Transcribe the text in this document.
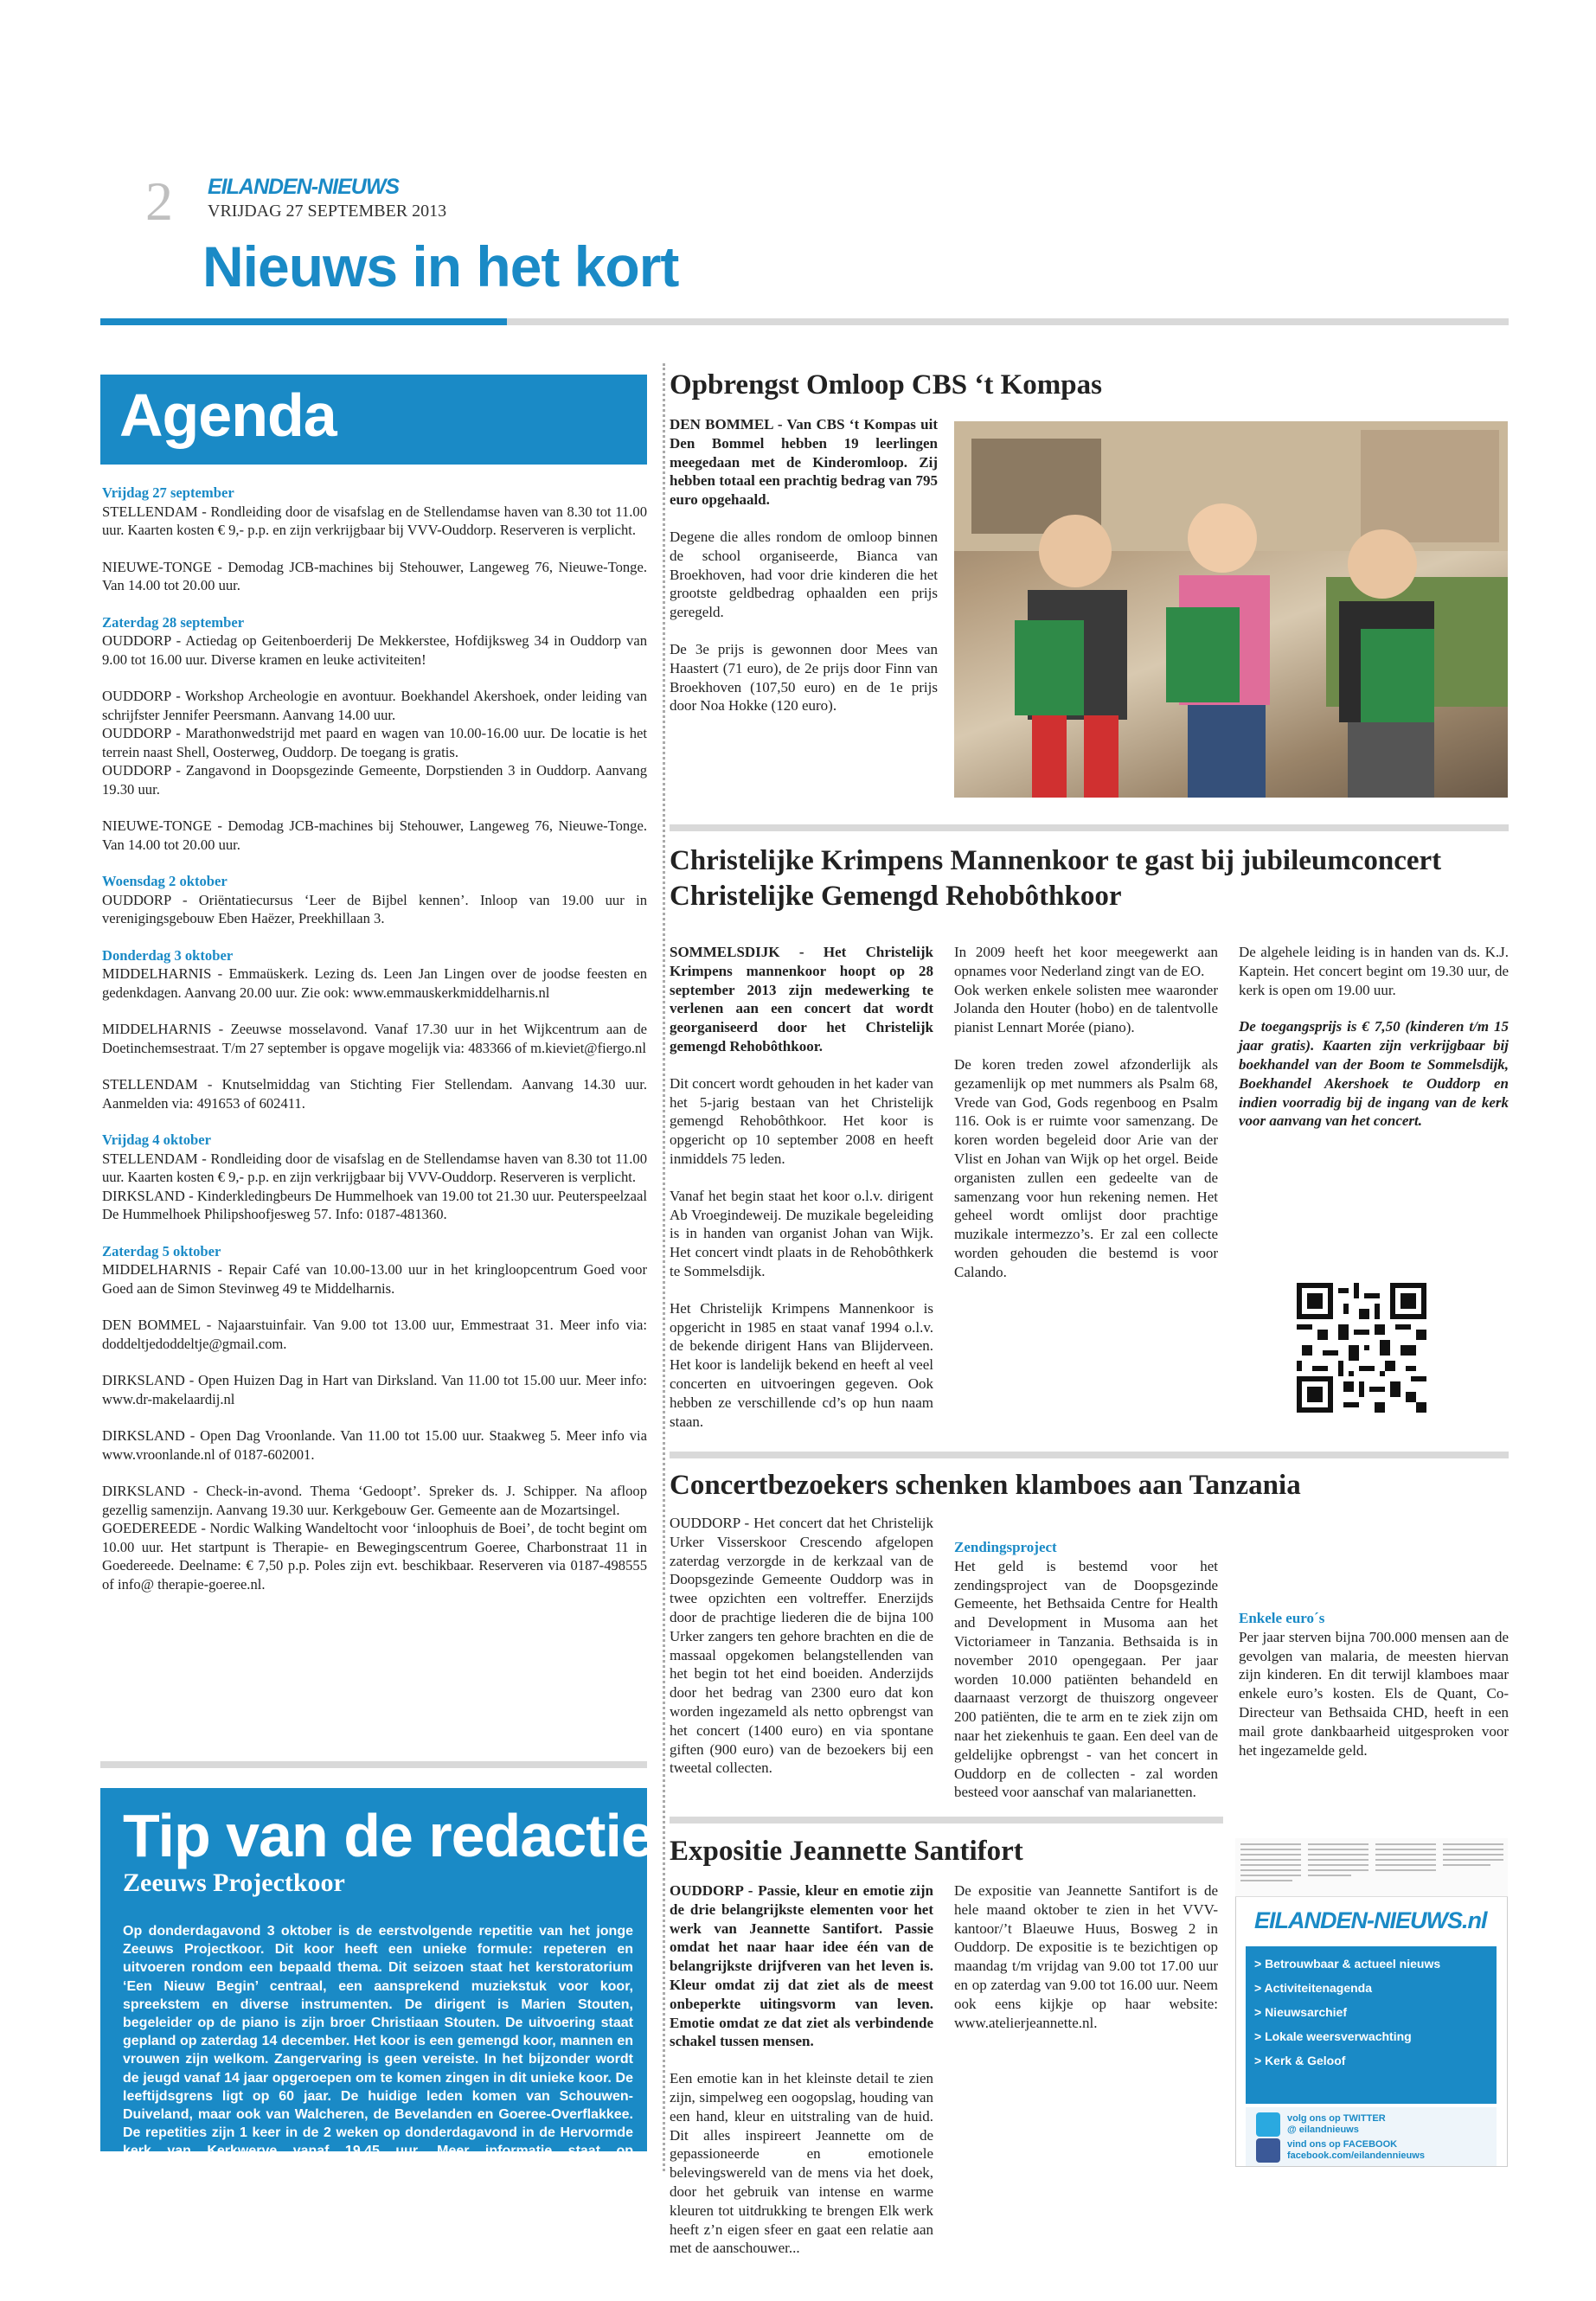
2 EILANDEN-NIEUWS
VRIJDAG 27 SEPTEMBER 2013
Nieuws in het kort
Agenda
Vrijdag 27 september
STELLENDAM - Rondleiding door de visafslag en de Stellendamse haven van 8.30 tot 11.00 uur. Kaarten kosten € 9,- p.p. en zijn verkrijgbaar bij VVV-Ouddorp. Reserveren is verplicht.
NIEUWE-TONGE - Demodag JCB-machines bij Stehouwer, Langeweg 76, Nieuwe-Tonge. Van 14.00 tot 20.00 uur.
Zaterdag 28 september
OUDDORP - Actiedag op Geitenboerderij De Mekkerstee, Hofdijksweg 34 in Ouddorp van 9.00 tot 16.00 uur. Diverse kramen en leuke activiteiten!
OUDDORP - Workshop Archeologie en avontuur. Boekhandel Akershoek, onder leiding van schrijfster Jennifer Peersmann. Aanvang 14.00 uur.
OUDDORP - Marathonwedstrijd met paard en wagen van 10.00-16.00 uur. De locatie is het terrein naast Shell, Oosterweg, Ouddorp. De toegang is gratis.
OUDDORP - Zangavond in Doopsgezinde Gemeente, Dorpstienden 3 in Ouddorp. Aanvang 19.30 uur.
NIEUWE-TONGE - Demodag JCB-machines bij Stehouwer, Langeweg 76, Nieuwe-Tonge. Van 14.00 tot 20.00 uur.
Woensdag 2 oktober
OUDDORP - Oriëntatiecursus ‘Leer de Bijbel kennen’. Inloop van 19.00 uur in verenigingsgebouw Eben Haëzer, Preekhillaan 3.
Donderdag 3 oktober
MIDDELHARNIS - Emmaüskerk. Lezing ds. Leen Jan Lingen over de joodse feesten en gedenkdagen. Aanvang 20.00 uur. Zie ook: www.emmauskerkmiddelharnis.nl
MIDDELHARNIS - Zeeuwse mosselavond. Vanaf 17.30 uur in het Wijkcentrum aan de Doetinchemsestraat. T/m 27 september is opgave mogelijk via: 483366 of m.kieviet@fiergo.nl
STELLENDAM - Knutselmiddag van Stichting Fier Stellendam. Aanvang 14.30 uur. Aanmelden via: 491653 of 602411.
Vrijdag 4 oktober
STELLENDAM - Rondleiding door de visafslag en de Stellendamse haven van 8.30 tot 11.00 uur. Kaarten kosten € 9,- p.p. en zijn verkrijgbaar bij VVV-Ouddorp. Reserveren is verplicht.
DIRKSLAND - Kinderkledingbeurs De Hummelhoek van 19.00 tot 21.30 uur. Peuterspeelzaal De Hummelhoek Philipshoofjesweg 57. Info: 0187-481360.
Zaterdag 5 oktober
MIDDELHARNIS - Repair Café van 10.00-13.00 uur in het kringloopcentrum Goed voor Goed aan de Simon Stevinweg 49 te Middelharnis.
DEN BOMMEL - Najaarstuinfair. Van 9.00 tot 13.00 uur, Emmestraat 31. Meer info via: doddeltjedoddeltje@gmail.com.
DIRKSLAND - Open Huizen Dag in Hart van Dirksland. Van 11.00 tot 15.00 uur. Meer info: www.dr-makelaardij.nl
DIRKSLAND - Open Dag Vroonlande. Van 11.00 tot 15.00 uur. Staakweg 5. Meer info via www.vroonlande.nl of 0187-602001.
DIRKSLAND - Check-in-avond. Thema ‘Gedoopt’. Spreker ds. J. Schipper. Na afloop gezellig samenzijn. Aanvang 19.30 uur. Kerkgebouw Ger. Gemeente aan de Mozartsingel.
GOEDEREEDE - Nordic Walking Wandeltocht voor ‘inloophuis de Boei’, de tocht begint om 10.00 uur. Het startpunt is Therapie- en Bewegingscentrum Goeree, Charbonstraat 11 in Goedereede. Deelname: € 7,50 p.p. Poles zijn evt. beschikbaar. Reserveren via 0187-498555 of info@ therapie-goeree.nl.
Tip van de redactie
Zeeuws Projectkoor
Op donderdagavond 3 oktober is de eerstvolgende repetitie van het jonge Zeeuws Projectkoor. Dit koor heeft een unieke formule: repeteren en uitvoeren rondom een bepaald thema. Dit seizoen staat het kerstoratorium ‘Een Nieuw Begin’ centraal, een aansprekend muziekstuk voor koor, spreekstem en diverse instrumenten. De dirigent is Marien Stouten, begeleider op de piano is zijn broer Christiaan Stouten. De uitvoering staat gepland op zaterdag 14 december. Het koor is een gemengd koor, mannen en vrouwen zijn welkom. Zangervaring is geen vereiste. In het bijzonder wordt de jeugd vanaf 14 jaar opgeroepen om te komen zingen in dit unieke koor. De leeftijdsgrens ligt op 60 jaar. De huidige leden komen van Schouwen-Duiveland, maar ook van Walcheren, de Bevelanden en Goeree-Overflakkee. De repetities zijn 1 keer in de 2 weken op donderdagavond in de Hervormde kerk van Kerkwerve vanaf 19.45 uur. Meer informatie staat op www.zeeuwsprojectkoor.nl
Opbrengst Omloop CBS ‘t Kompas

DEN BOMMEL - Van CBS ‘t Kompas uit Den Bommel hebben 19 leerlingen meegedaan met de Kinderomloop. Zij hebben totaal een prachtig bedrag van 795 euro opgehaald.

Degene die alles rondom de omloop binnen de school organiseerde, Bianca van Broekhoven, had voor drie kinderen die het grootste geldbedrag ophaalden een prijs geregeld.

De 3e prijs is gewonnen door Mees van Haastert (71 euro), de 2e prijs door Finn van Broekhoven (107,50 euro) en de 1e prijs door Noa Hokke (120 euro).

Christelijke Krimpens Mannenkoor te gast bij jubileumconcert
Christelijke Gemengd Rehobôthkoor

SOMMELSDIJK - Het Christelijk Krimpens mannenkoor hoopt op 28 september 2013 zijn medewerking te verlenen aan een concert dat wordt georganiseerd door het Christelijk gemengd Rehobôthkoor.

Dit concert wordt gehouden in het kader van het 5-jarig bestaan van het Christelijk gemengd Rehobôthkoor. Het koor is opgericht op 10 september 2008 en heeft inmiddels 75 leden.

Vanaf het begin staat het koor o.l.v. dirigent Ab Vroegindeweij. De muzikale begeleiding is in handen van organist Johan van Wijk. Het concert vindt plaats in de Rehobôthkerk te Sommelsdijk.

Het Christelijk Krimpens Mannenkoor is opgericht in 1985 en staat vanaf 1994 o.l.v. de bekende dirigent Hans van Blijderveen. Het koor is landelijk bekend en heeft al veel concerten en uitvoeringen gegeven. Ook hebben ze verschillende cd’s op hun naam staan.

In 2009 heeft het koor meegewerkt aan opnames voor Nederland zingt van de EO.
Ook werken enkele solisten mee waaronder Jolanda den Houter (hobo) en de talentvolle pianist Lennart Morée (piano).

De koren treden zowel afzonderlijk als gezamenlijk op met nummers als Psalm 68, Vrede van God, Gods regenboog en Psalm 116. Ook is er ruimte voor samenzang. De koren worden begeleid door Arie van der Vlist en Johan van Wijk op het orgel. Beide organisten zullen een gedeelte van de samenzang voor hun rekening nemen. Het geheel wordt omlijst door prachtige muzikale intermezzo’s. Er zal een collecte worden gehouden die bestemd is voor Calando.

De algehele leiding is in handen van ds. K.J. Kaptein. Het concert begint om 19.30 uur, de kerk is open om 19.00 uur.

De toegangsprijs is € 7,50 (kinderen t/m 15 jaar gratis). Kaarten zijn verkrijgbaar bij boekhandel van der Boom te Sommelsdijk, Boekhandel Akershoek te Ouddorp en indien voorradig bij de ingang van de kerk voor aanvang van het concert.

Concertbezoekers schenken klamboes aan Tanzania

OUDDORP - Het concert dat het Christelijk Urker Visserskoor Crescendo afgelopen zaterdag verzorgde in de kerkzaal van de Doopsgezinde Gemeente Ouddorp was in twee opzichten een voltreffer. Enerzijds door de prachtige liederen die de bijna 100 Urker zangers ten gehore brachten en die de massaal opgekomen belangstellenden van het begin tot het eind boeiden. Anderzijds door het bedrag van 2300 euro dat kon worden ingezameld als netto opbrengst van het concert (1400 euro) en via spontane giften (900 euro) van de bezoekers bij een tweetal collecten.

Zendingsproject

Het geld is bestemd voor het zendingsproject van de Doopsgezinde Gemeente, het Bethsaida Centre for Health and Development in Musoma aan het Victoriameer in Tanzania. Bethsaida is in november 2010 opengegaan. Per jaar worden 10.000 patiënten behandeld en daarnaast verzorgt de thuiszorg ongeveer 200 patiënten, die te arm en te ziek zijn om naar het ziekenhuis te gaan. Een deel van de geldelijke opbrengst - van het concert in Ouddorp en de collecten - zal worden besteed voor aanschaf van malarianetten.

Enkele euro´s

Per jaar sterven bijna 700.000 mensen aan de gevolgen van malaria, de meesten hiervan zijn kinderen. En dit terwijl klamboes maar enkele euro’s kosten. Els de Quant, Co-Directeur van Bethsaida CHD, heeft in een mail grote dankbaarheid uitgesproken voor het ingezamelde geld.

Expositie Jeannette Santifort

OUDDORP - Passie, kleur en emotie zijn de drie belangrijkste elementen voor het werk van Jeannette Santifort. Passie omdat het naar haar idee één van de belangrijkste drijfveren van het leven is. Kleur omdat zij dat ziet als de meest onbeperkte uitingsvorm van leven. Emotie omdat ze dat ziet als verbindende schakel tussen mensen.

Een emotie kan in het kleinste detail te zien zijn, simpelweg een oogopslag, houding van een hand, kleur en uitstraling van de huid. Dit alles inspireert Jeannette om de gepassioneerde en emotionele belevingswereld van de mens via het doek, door het gebruik van intense en warme kleuren tot uitdrukking te brengen Elk werk heeft z’n eigen sfeer en gaat een relatie aan met de aanschouwer...

De expositie van Jeannette Santifort is de hele maand oktober te zien in het VVV-kantoor/’t Blaeuwe Huus, Bosweg 2 in Ouddorp. De expositie is te bezichtigen op maandag t/m vrijdag van 9.00 tot 17.00 uur en op zaterdag van 9.00 tot 16.00 uur. Neem ook eens kijkje op haar website: www.atelierjeannette.nl.

EILANDEN-NIEUWS.nl
> Betrouwbaar & actueel nieuws
> Activiteitenagenda
> Nieuwsarchief
> Lokale weersverwachting
> Kerk & Geloof
volg ons op TWITTER
@ eilandnieuws
vind ons op FACEBOOK
facebook.com/eilandennieuws
